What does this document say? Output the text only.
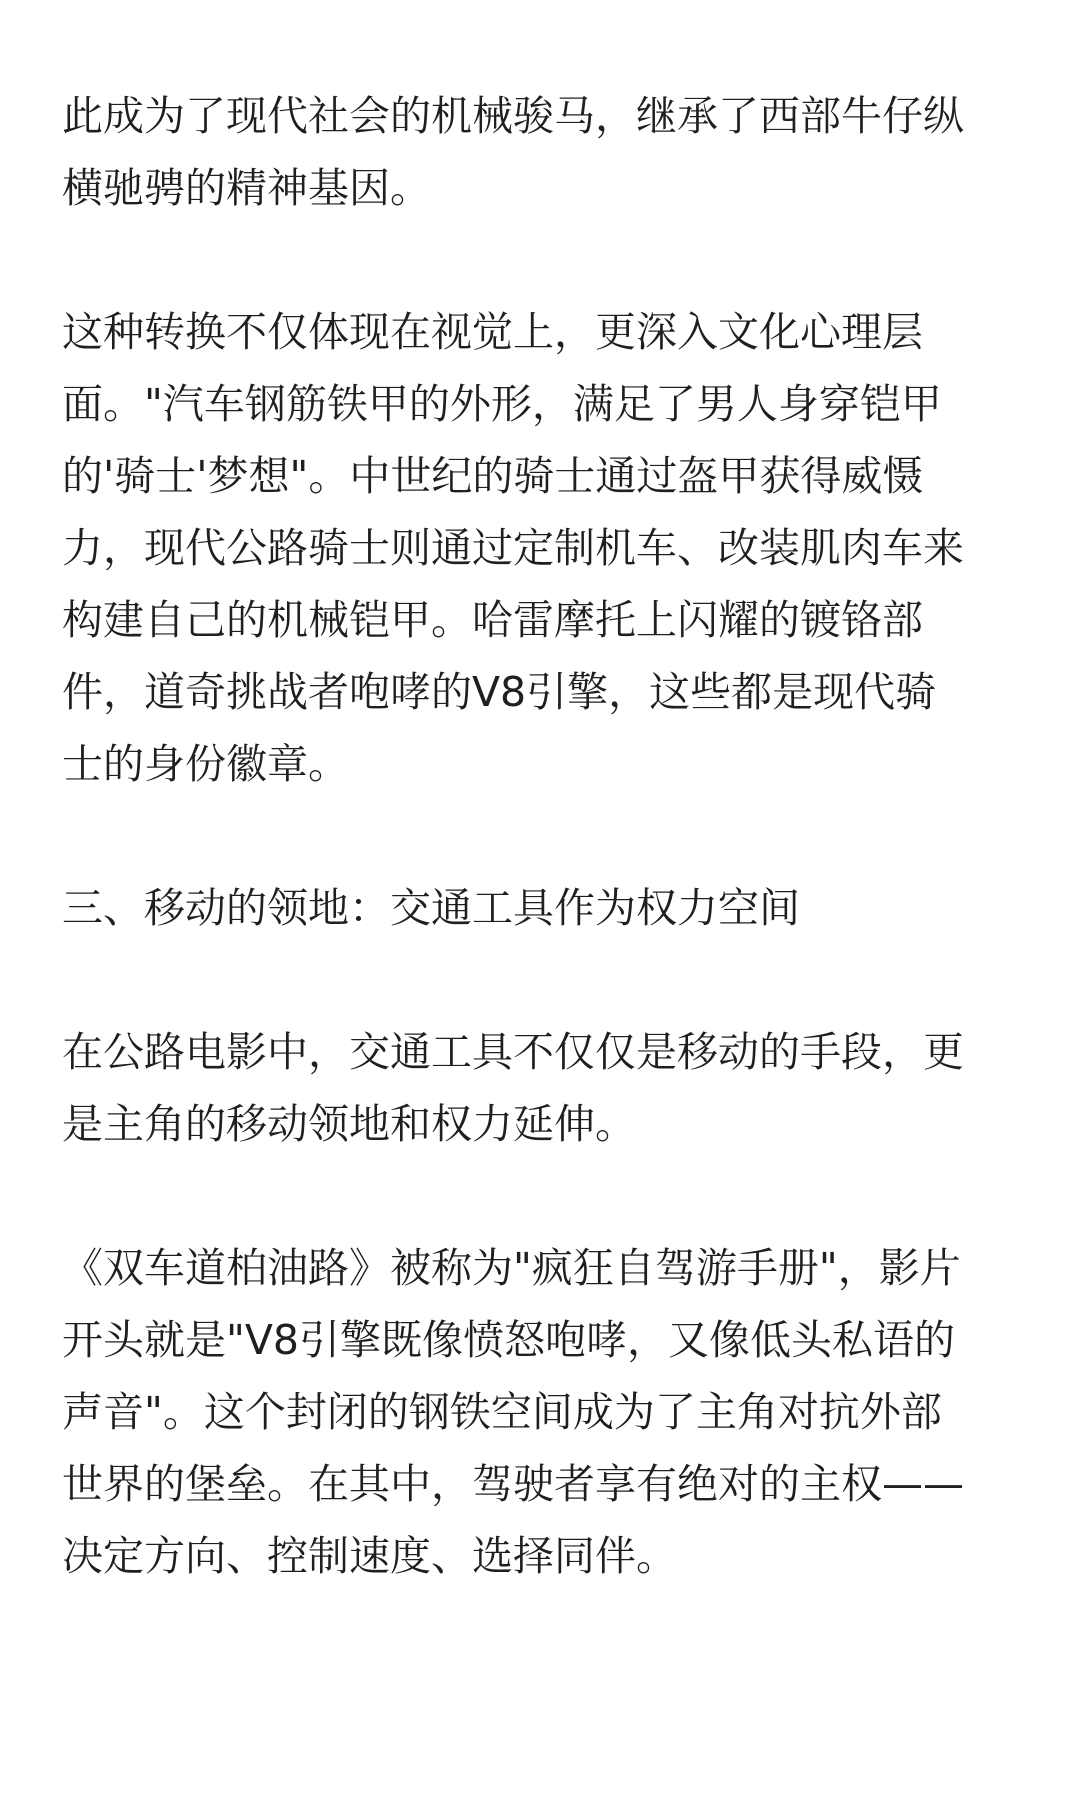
此成为了现代社会的机械骏马，继承了西部牛仔纵
横驰骋的精神基因。

这种转换不仅体现在视觉上，更深入文化心理层
面。"汽车钢筋铁甲的外形，满足了男人身穿铠甲
的'骑士'梦想"。中世纪的骑士通过盔甲获得威慑
力，现代公路骑士则通过定制机车、改装肌肉车来
构建自己的机械铠甲。哈雷摩托上闪耀的镀铬部
件，道奇挑战者咆哮的V8引擎，这些都是现代骑
士的身份徽章。

三、移动的领地：交通工具作为权力空间

在公路电影中，交通工具不仅仅是移动的手段，更
是主角的移动领地和权力延伸。

《双车道柏油路》被称为"疯狂自驾游手册"，影片
开头就是"V8引擎既像愤怒咆哮，又像低头私语的
声音"。这个封闭的钢铁空间成为了主角对抗外部
世界的堡垒。在其中，驾驶者享有绝对的主权——
决定方向、控制速度、选择同伴。
